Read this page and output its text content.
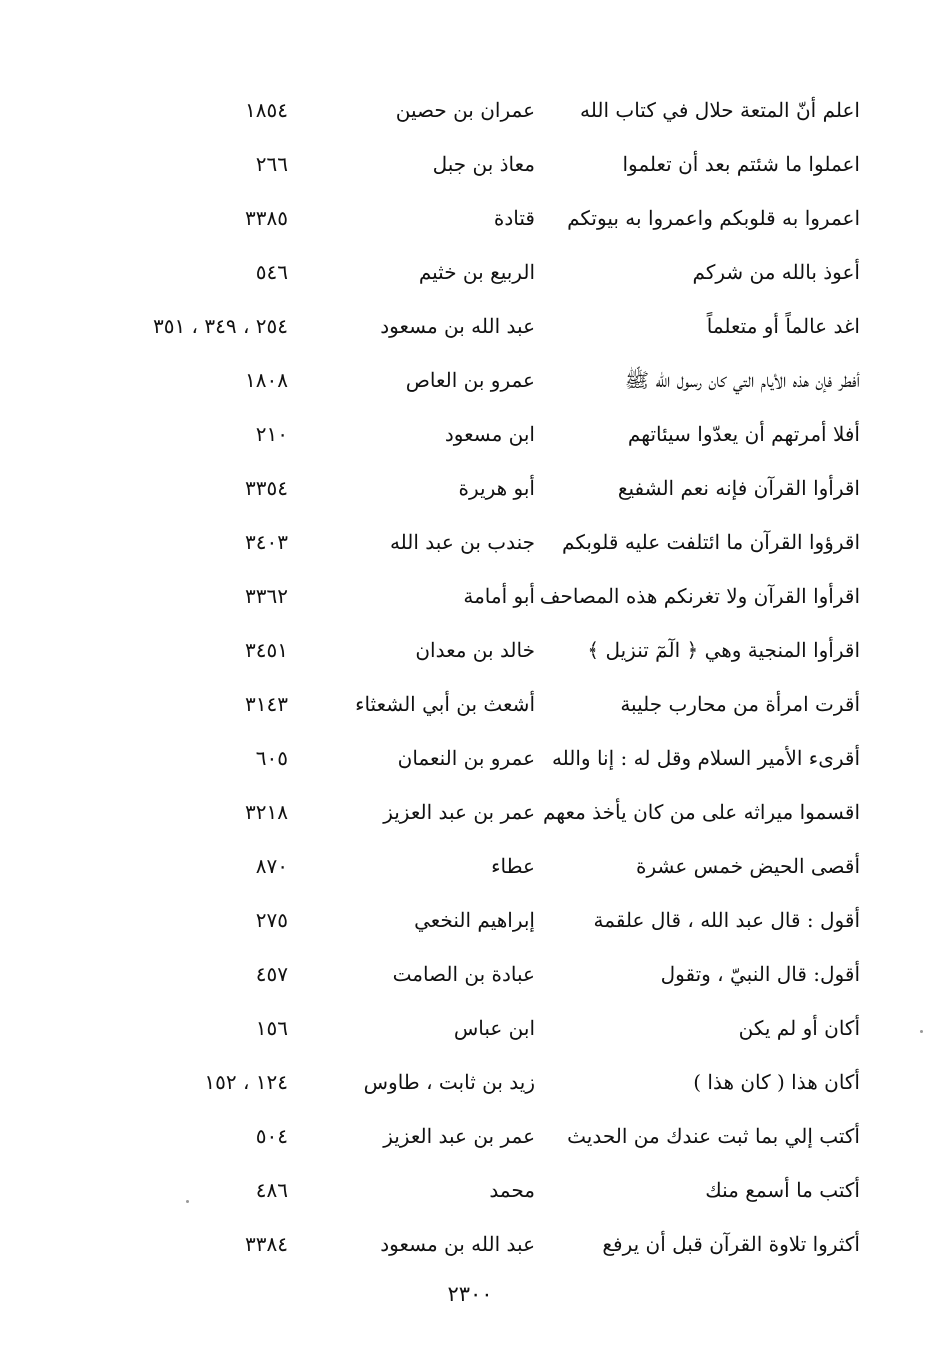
اعلم أنّ المتعة حلال في كتاب الله
عمران بن حصين
١٨٥٤
اعملوا ما شئتم بعد أن تعلموا
معاذ بن جبل
٢٦٦
اعمروا به قلوبكم واعمروا به بيوتكم
قتادة
٣٣٨٥
أعوذ بالله من شركم
الربيع بن خثيم
٥٤٦
اغد عالماً أو متعلماً
عبد الله بن مسعود
٢٥٤ ، ٣٤٩ ، ٣٥١
أفطر فإن هذه الأيام التي كان رسول الله ﷺ
عمرو بن العاص
١٨٠٨
أفلا أمرتهم أن يعدّوا سيئاتهم
ابن مسعود
٢١٠
اقرأوا القرآن فإنه نعم الشفيع
أبو هريرة
٣٣٥٤
اقرؤوا القرآن ما ائتلفت عليه قلوبكم
جندب بن عبد الله
٣٤٠٣
اقرأوا القرآن ولا تغرنكم هذه المصاحف
أبو أمامة
٣٣٦٢
اقرأوا المنجية وهي ﴿ الٓمٓ تنزيل ﴾
خالد بن معدان
٣٤٥١
أقرت امرأة من محارب جليبة
أشعث بن أبي الشعثاء
٣١٤٣
أقرىء الأمير السلام وقل له : إنا والله
عمرو بن النعمان
٦٠٥
اقسموا ميراثه على من كان يأخذ معهم
عمر بن عبد العزيز
٣٢١٨
أقصى الحيض خمس عشرة
عطاء
٨٧٠
أقول : قال عبد الله ، قال علقمة
إبراهيم النخعي
٢٧٥
أقول: قال النبيّ ، وتقول
عبادة بن الصامت
٤٥٧
أكان أو لم يكن
ابن عباس
١٥٦
أكان هذا ( كان هذا )
زيد بن ثابت ، طاوس
١٢٤ ، ١٥٢
أكتب إلي بما ثبت عندك من الحديث
عمر بن عبد العزيز
٥٠٤
أكتب ما أسمع منك
محمد
٤٨٦
أكثروا تلاوة القرآن قبل أن يرفع
عبد الله بن مسعود
٣٣٨٤
٢٣٠٠
